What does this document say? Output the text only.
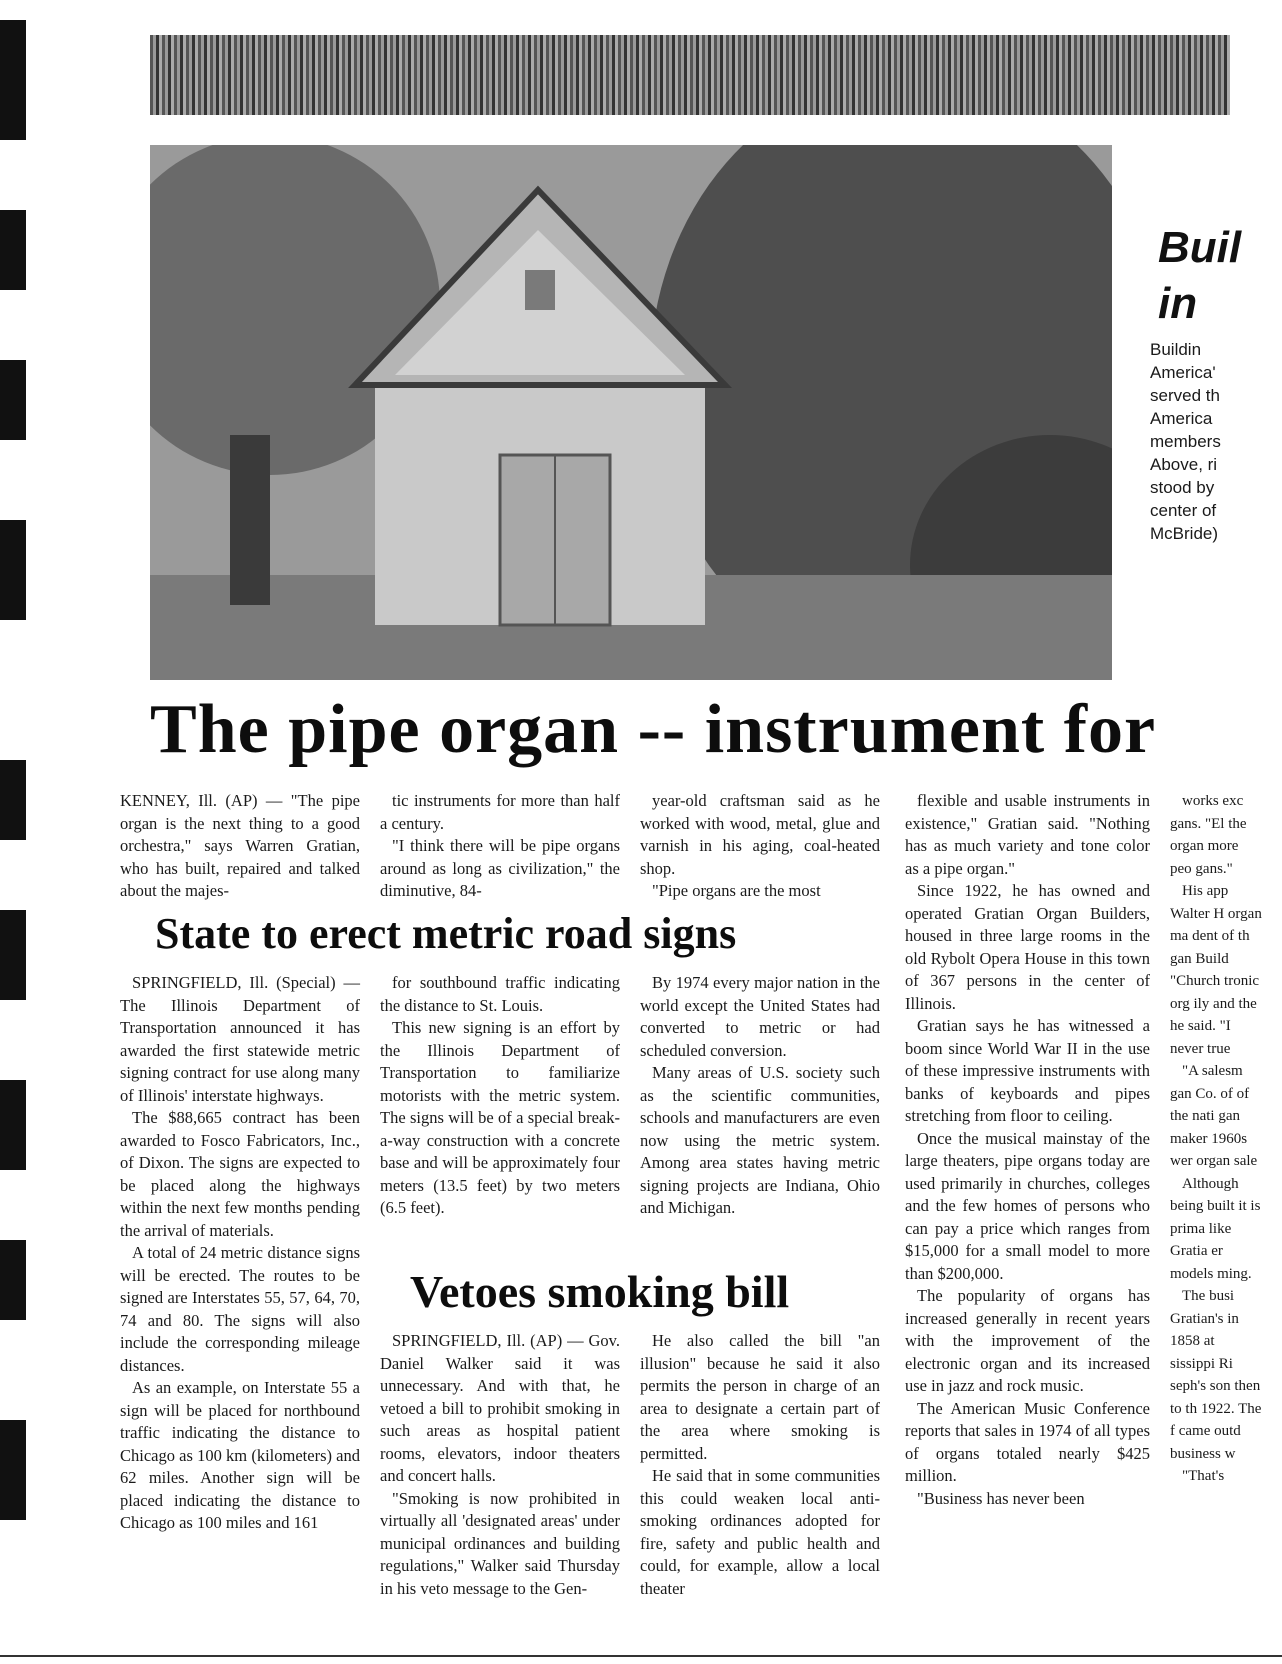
Buil
in
Buildin
America'
served th
America
members
Above, ri
stood by
center of
McBride)
The pipe organ -- instrument for
KENNEY, Ill. (AP) — "The pipe organ is the next thing to a good orchestra," says Warren Gratian, who has built, repaired and talked about the majes-

tic instruments for more than half a century.

"I think there will be pipe organs around as long as civilization," the diminutive, 84-

year-old craftsman said as he worked with wood, metal, glue and varnish in his aging, coal-heated shop.

"Pipe organs are the most

flexible and usable instruments in existence," Gratian said. "Nothing has as much variety and tone color as a pipe organ."

Since 1922, he has owned and operated Gratian Organ Builders, housed in three large rooms in the old Rybolt Opera House in this town of 367 persons in the center of Illinois.

Gratian says he has witnessed a boom since World War II in the use of these impressive instruments with banks of keyboards and pipes stretching from floor to ceiling.

Once the musical mainstay of the large theaters, pipe organs today are used primarily in churches, colleges and the few homes of persons who can pay a price which ranges from $15,000 for a small model to more than $200,000.

The popularity of organs has increased generally in recent years with the improvement of the electronic organ and its increased use in jazz and rock music.

The American Music Conference reports that sales in 1974 of all types of organs totaled nearly $425 million.

"Business has never been

works exc gans. "El the organ more peo gans."

His app Walter H organ ma dent of th gan Build "Church tronic org ily and the he said. "I never true

"A salesm gan Co. of of the nati gan maker 1960s wer organ sale

Although being built it is prima like Gratia er models ming.

The busi Gratian's in 1858 at sissippi Ri seph's son then to th 1922. The f came outd business w

"That's

State to erect metric road signs

SPRINGFIELD, Ill. (Special) — The Illinois Department of Transportation announced it has awarded the first statewide metric signing contract for use along many of Illinois' interstate highways.

The $88,665 contract has been awarded to Fosco Fabricators, Inc., of Dixon. The signs are expected to be placed along the highways within the next few months pending the arrival of materials.

A total of 24 metric distance signs will be erected. The routes to be signed are Interstates 55, 57, 64, 70, 74 and 80. The signs will also include the corresponding mileage distances.

As an example, on Interstate 55 a sign will be placed for northbound traffic indicating the distance to Chicago as 100 km (kilometers) and 62 miles. Another sign will be placed indicating the distance to Chicago as 100 miles and 161

for southbound traffic indicating the distance to St. Louis.

This new signing is an effort by the Illinois Department of Transportation to familiarize motorists with the metric system. The signs will be of a special break-a-way construction with a concrete base and will be approximately four meters (13.5 feet) by two meters (6.5 feet).

By 1974 every major nation in the world except the United States had converted to metric or had scheduled conversion.

Many areas of U.S. society such as the scientific communities, schools and manufacturers are even now using the metric system. Among area states having metric signing projects are Indiana, Ohio and Michigan.

Vetoes smoking bill

SPRINGFIELD, Ill. (AP) — Gov. Daniel Walker said it was unnecessary. And with that, he vetoed a bill to prohibit smoking in such areas as hospital patient rooms, elevators, indoor theaters and concert halls.

"Smoking is now prohibited in virtually all 'designated areas' under municipal ordinances and building regulations," Walker said Thursday in his veto message to the Gen-

He also called the bill "an illusion" because he said it also permits the person in charge of an area to designate a certain part of the area where smoking is permitted.

He said that in some communities this could weaken local anti-smoking ordinances adopted for fire, safety and public health and could, for example, allow a local theater
